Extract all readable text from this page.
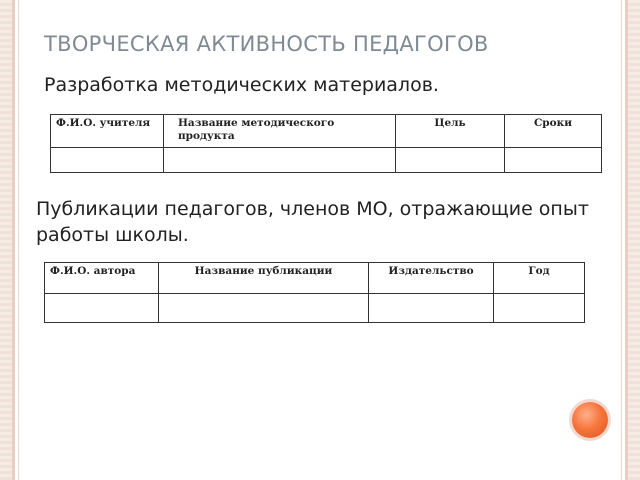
ТВОРЧЕСКАЯ АКТИВНОСТЬ ПЕДАГОГОВ
Разработка методических материалов.
Ф.И.О. учителя	Название методического продукта	Цель	Сроки

Публикации педагогов, членов МО, отражающие опыт работы школы.
Ф.И.О. автора	Название публикации	Издательство	Год
